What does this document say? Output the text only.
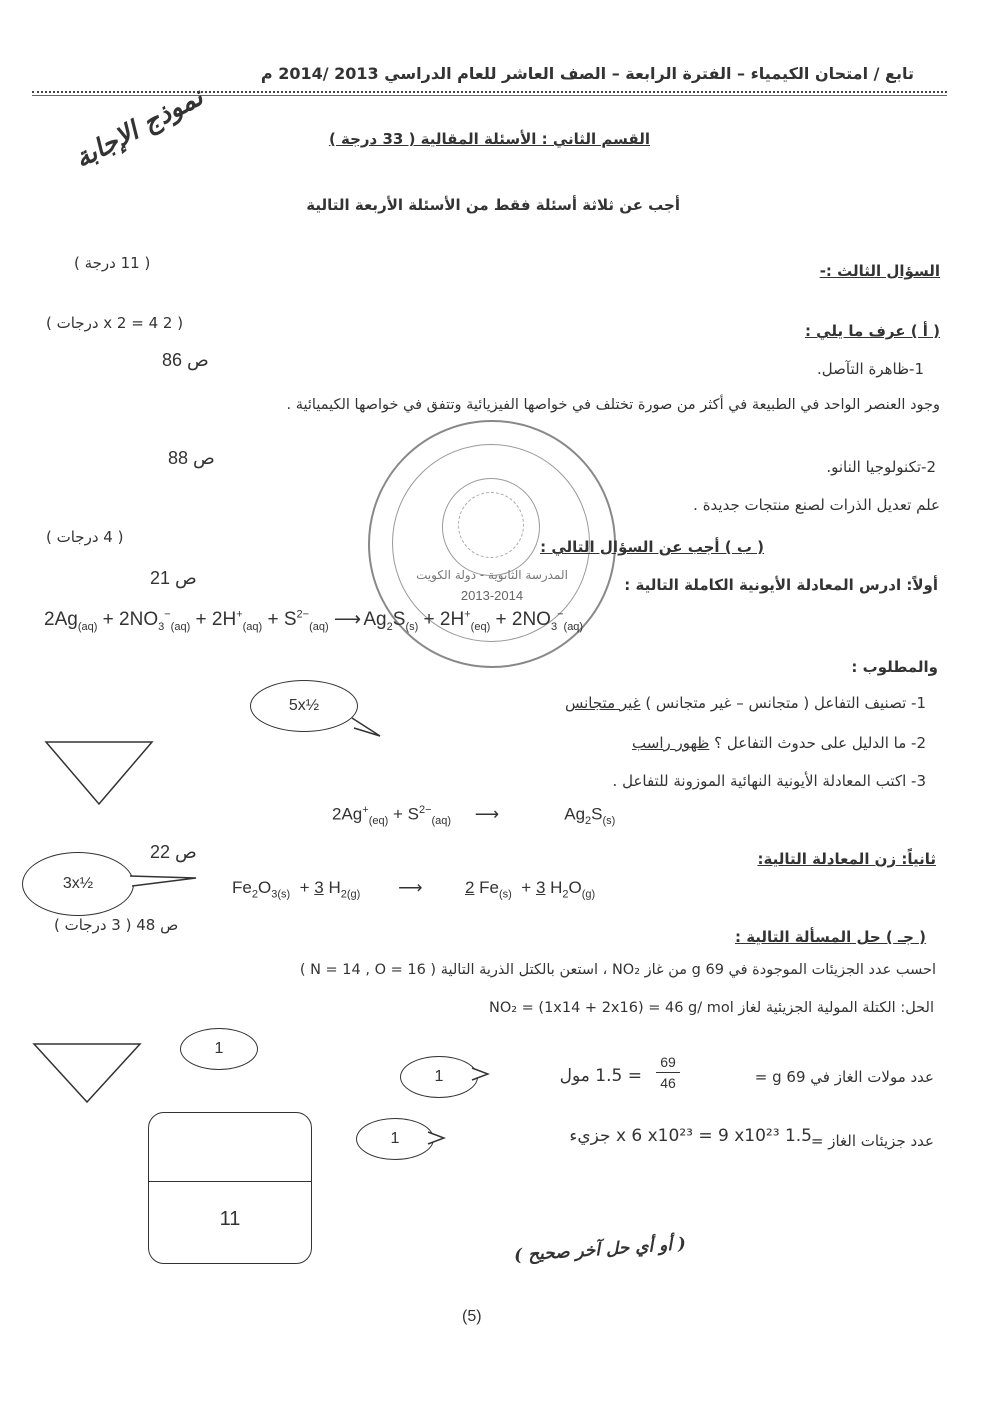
تابع / امتحان الكيمياء – الفترة الرابعة – الصف العاشر للعام الدراسي 2013 /2014 م
نموذج الإجابة	القسم الثاني : الأسئلة المقالية ( 33 درجة )
أجب عن ثلاثة أسئلة فقط من الأسئلة الأربعة التالية
السؤال الثالث :-
( 11 درجة )
( أ ) عرف ما يلي :
( 2 x 2 = 4 درجات )
1-ظاهرة التآصل.
ص 86
وجود العنصر الواحد في الطبيعة في أكثر من صورة تختلف في خواصها الفيزيائية وتتفق في خواصها الكيميائية .
2-تكنولوجيا النانو.
ص 88
علم تعديل الذرات لصنع منتجات جديدة .
المدرسة الثانوية - دولة الكويت
2013-2014
( ب ) أجب عن السؤال التالي :
( 4 درجات )
ص 21	أولاً: ادرس المعادلة الأيونية الكاملة التالية :
$2Ag_{(aq)} + 2NO_3^-_{(aq)} + 2H^+_{(aq)} + S^{2-}_{(aq)}$ ⟶ $Ag_2S_{(s)} + 2H^+_{(eq)} + 2NO_3^-_{(aq)}$
والمطلوب :
5x½	1- تصنيف التفاعل ( متجانس – غير متجانس ) غير متجانس
2- ما الدليل على حدوث التفاعل ؟ ظهور راسب
3- اكتب المعادلة الأيونية النهائية الموزونة للتفاعل .
$2Ag^+_{(eq)} + S^{2-}_{(aq)}$     ⟶              $Ag_2S_{(s)}$
ص 22	ثانياً: زن المعادلة التالية:
3x½	$Fe_2O_{3(s)} + 3$ $H_{2(g)}$        ⟶         2 $Fe_{(s)} + 3$ $H_2O_{(g)}$
ص 48 ( 3 درجات )
( جـ ) حل المسألة التالية :
احسب عدد الجزيئات الموجودة في 69 g من غاز NO₂ ، استعن بالكتل الذرية التالية ( N = 14 , O = 16 )
الحل: الكتلة المولية الجزيئية لغاز NO₂ = (1x14 + 2x16) = 46 g/ mol
1
1	عدد مولات الغاز في 69 g =
69
46
= 1.5 مول
11
1	عدد جزيئات الغاز =
1.5 x 6 x10²³ = 9 x10²³ جزيء
( أو أي حل آخر صحيح )
(5)
